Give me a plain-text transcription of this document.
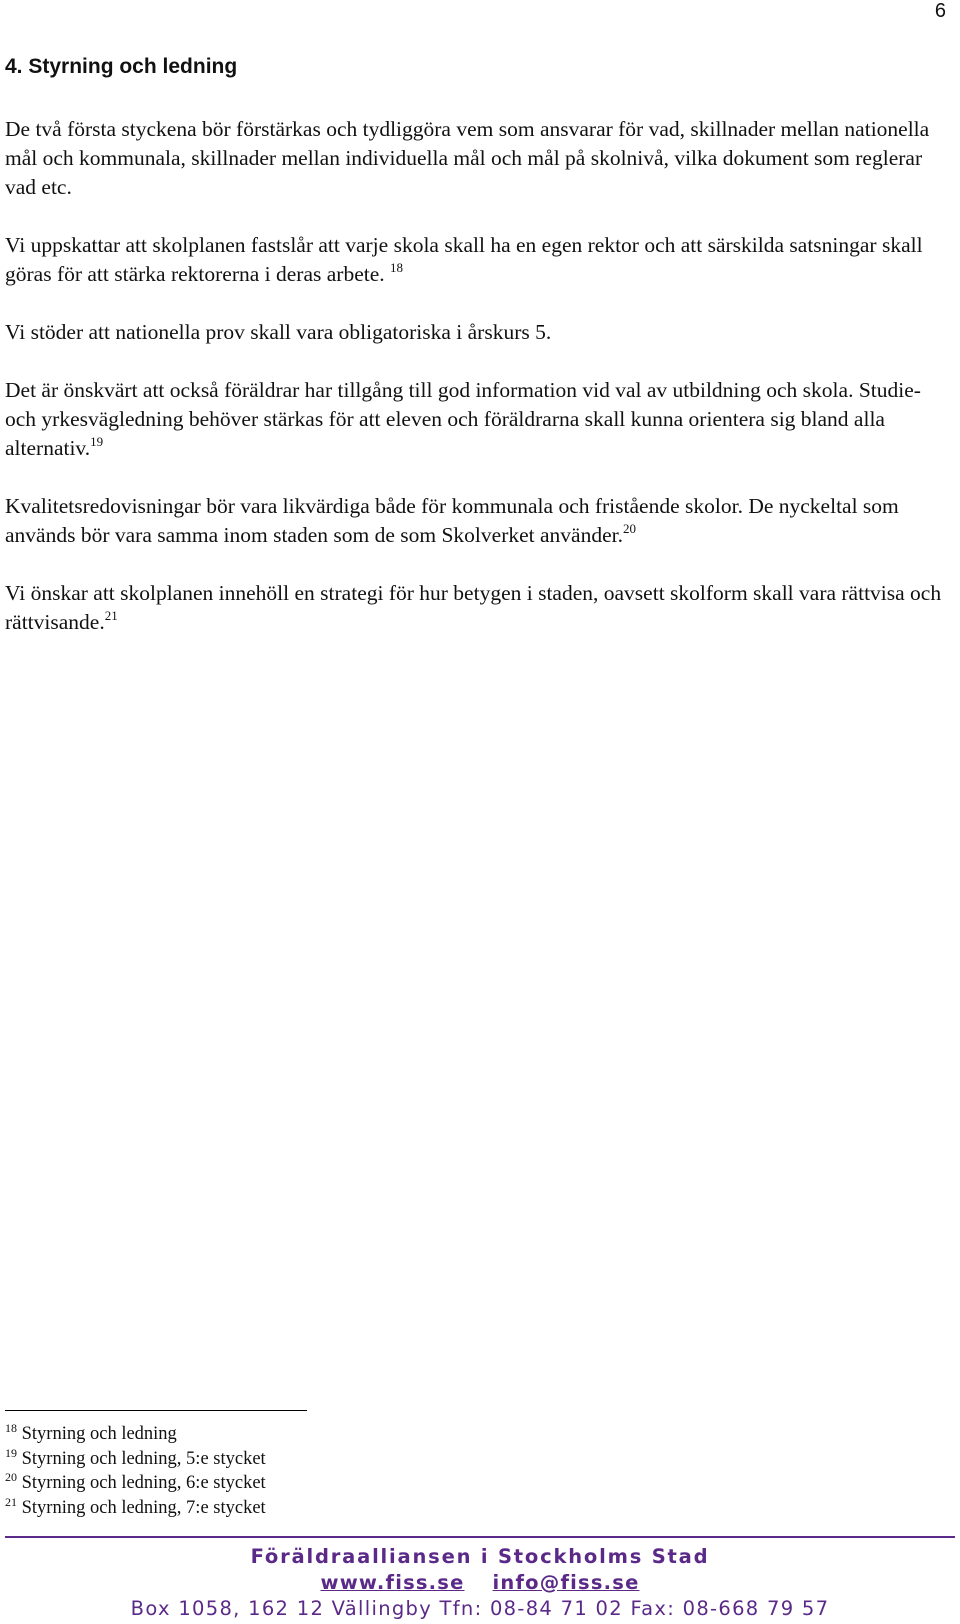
6
4. Styrning och ledning

De två första styckena bör förstärkas och tydliggöra vem som ansvarar för vad, skillnader mellan nationella mål och kommunala, skillnader mellan individuella mål och mål på skolnivå, vilka dokument som reglerar vad etc.

Vi uppskattar att skolplanen fastslår att varje skola skall ha en egen rektor och att särskilda satsningar skall göras för att stärka rektorerna i deras arbete. $^{18}$

Vi stöder att nationella prov skall vara obligatoriska i årskurs 5.

Det är önskvärt att också föräldrar har tillgång till god information vid val av utbildning och skola. Studie- och yrkesvägledning behöver stärkas för att eleven och föräldrarna skall kunna orientera sig bland alla alternativ.$^{19}$

Kvalitetsredovisningar bör vara likvärdiga både för kommunala och fristående skolor. De nyckeltal som används bör vara samma inom staden som de som Skolverket använder.$^{20}$

Vi önskar att skolplanen innehöll en strategi för hur betygen i staden, oavsett skolform skall vara rättvisa och rättvisande.$^{21}$

$^{18}$ Styrning och ledning
$^{19}$ Styrning och ledning, 5:e stycket
$^{20}$ Styrning och ledning, 6:e stycket
$^{21}$ Styrning och ledning, 7:e stycket
Föräldraalliansen i Stockholms Stad
www.fiss.se info@fiss.se
Box 1058, 162 12 Vällingby Tfn: 08-84 71 02 Fax: 08-668 79 57
